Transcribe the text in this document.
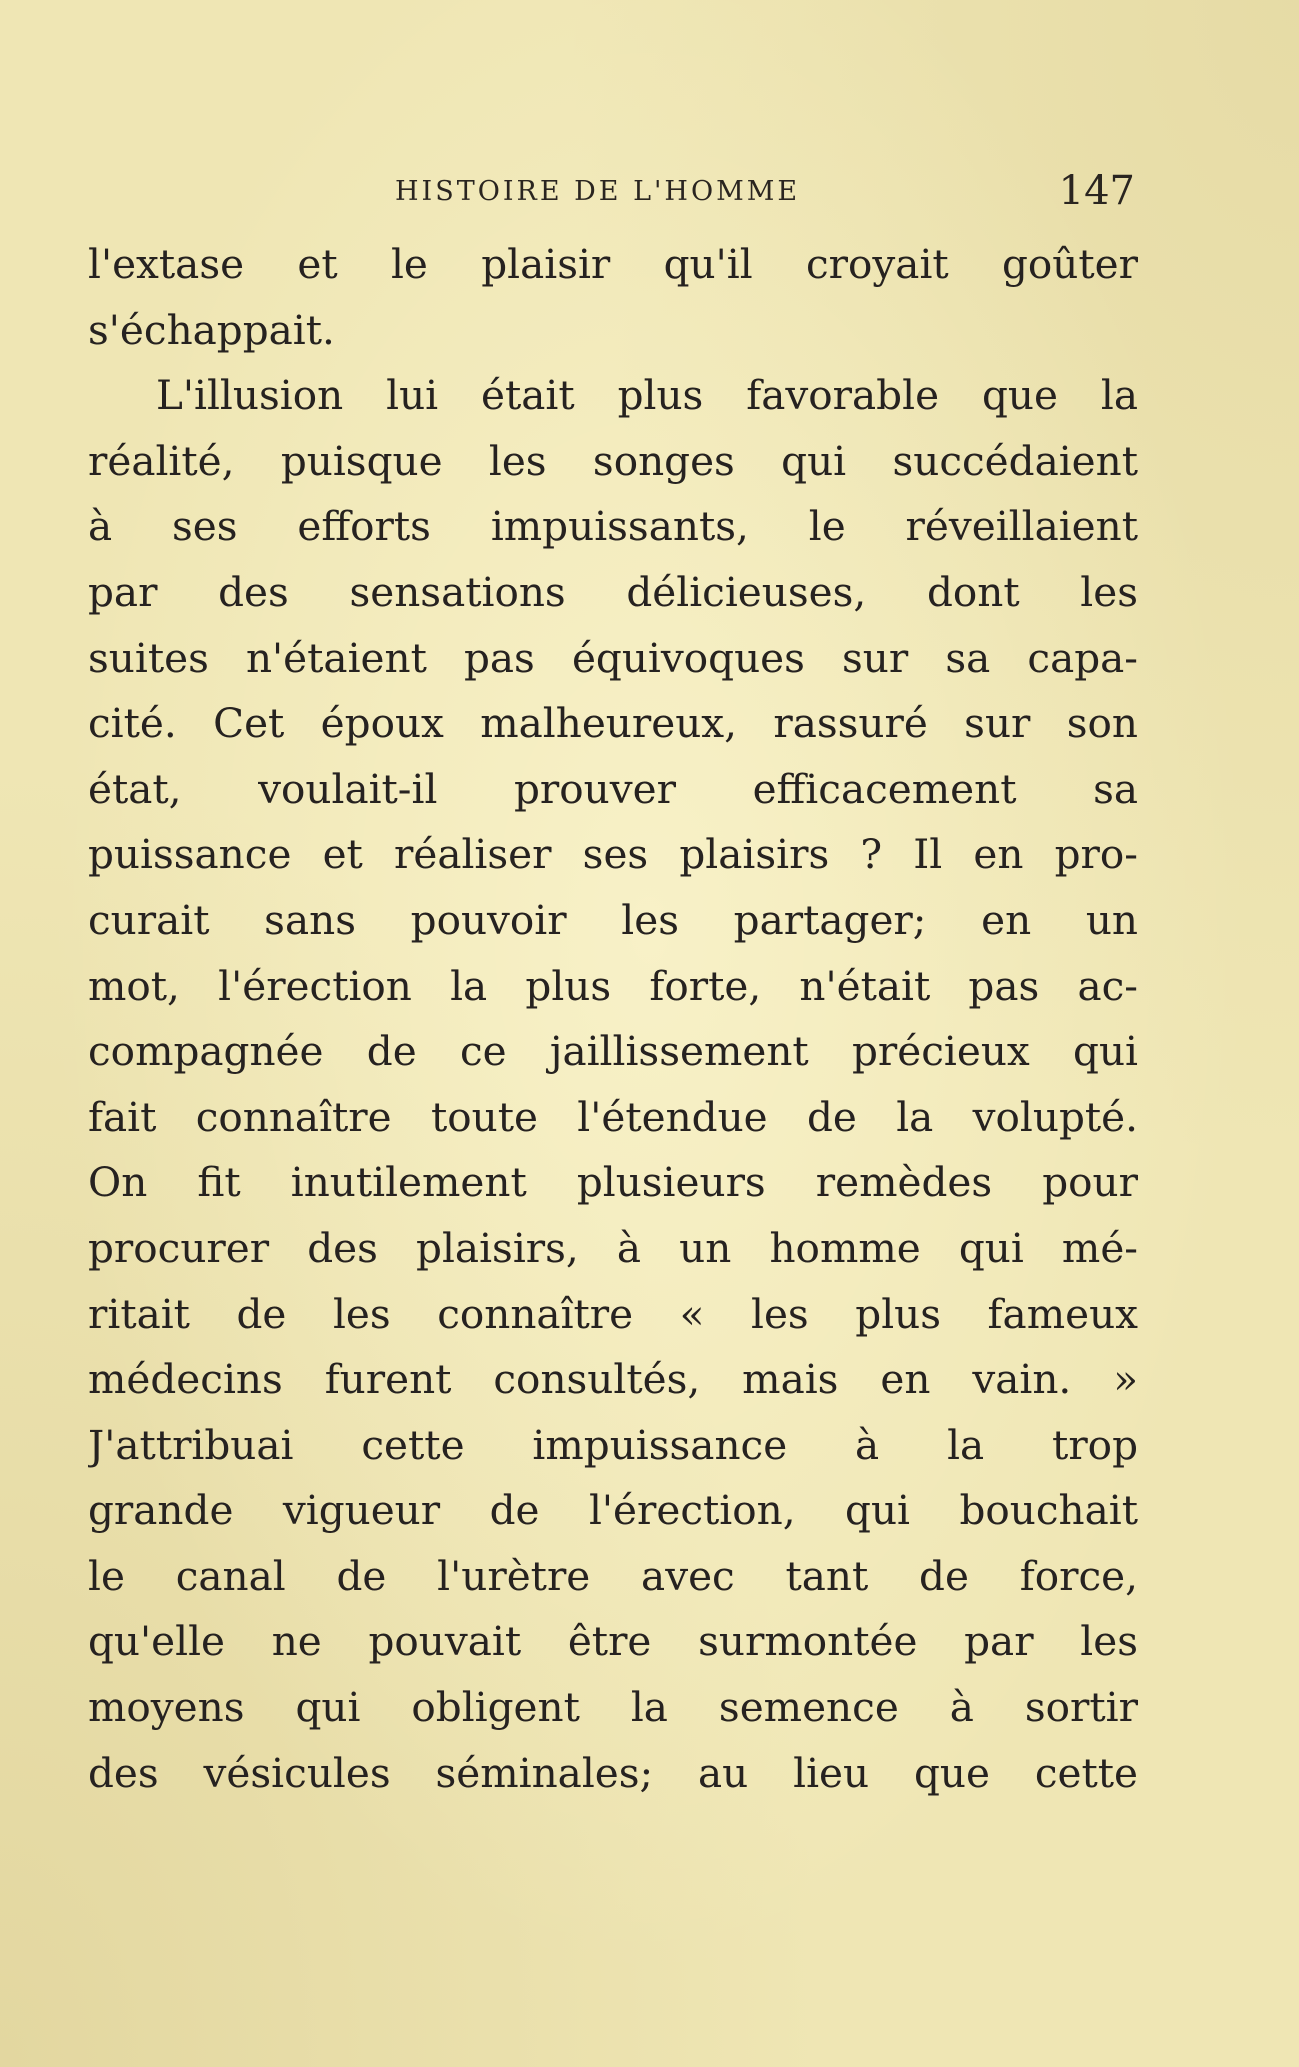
HISTOIRE DE L'HOMME	147
l'extase et le plaisir qu'il croyait goûter
s'échappait.
L'illusion lui était plus favorable que la
réalité, puisque les songes qui succédaient
à ses efforts impuissants, le réveillaient
par des sensations délicieuses, dont les
suites n'étaient pas équivoques sur sa capa-
cité. Cet époux malheureux, rassuré sur son
état, voulait-il prouver efficacement sa
puissance et réaliser ses plaisirs ? Il en pro-
curait sans pouvoir les partager; en un
mot, l'érection la plus forte, n'était pas ac-
compagnée de ce jaillissement précieux qui
fait connaître toute l'étendue de la volupté.
On fit inutilement plusieurs remèdes pour
procurer des plaisirs, à un homme qui mé-
ritait de les connaître « les plus fameux
médecins furent consultés, mais en vain. »
J'attribuai cette impuissance à la trop
grande vigueur de l'érection, qui bouchait
le canal de l'urètre avec tant de force,
qu'elle ne pouvait être surmontée par les
moyens qui obligent la semence à sortir
des vésicules séminales; au lieu que cette
